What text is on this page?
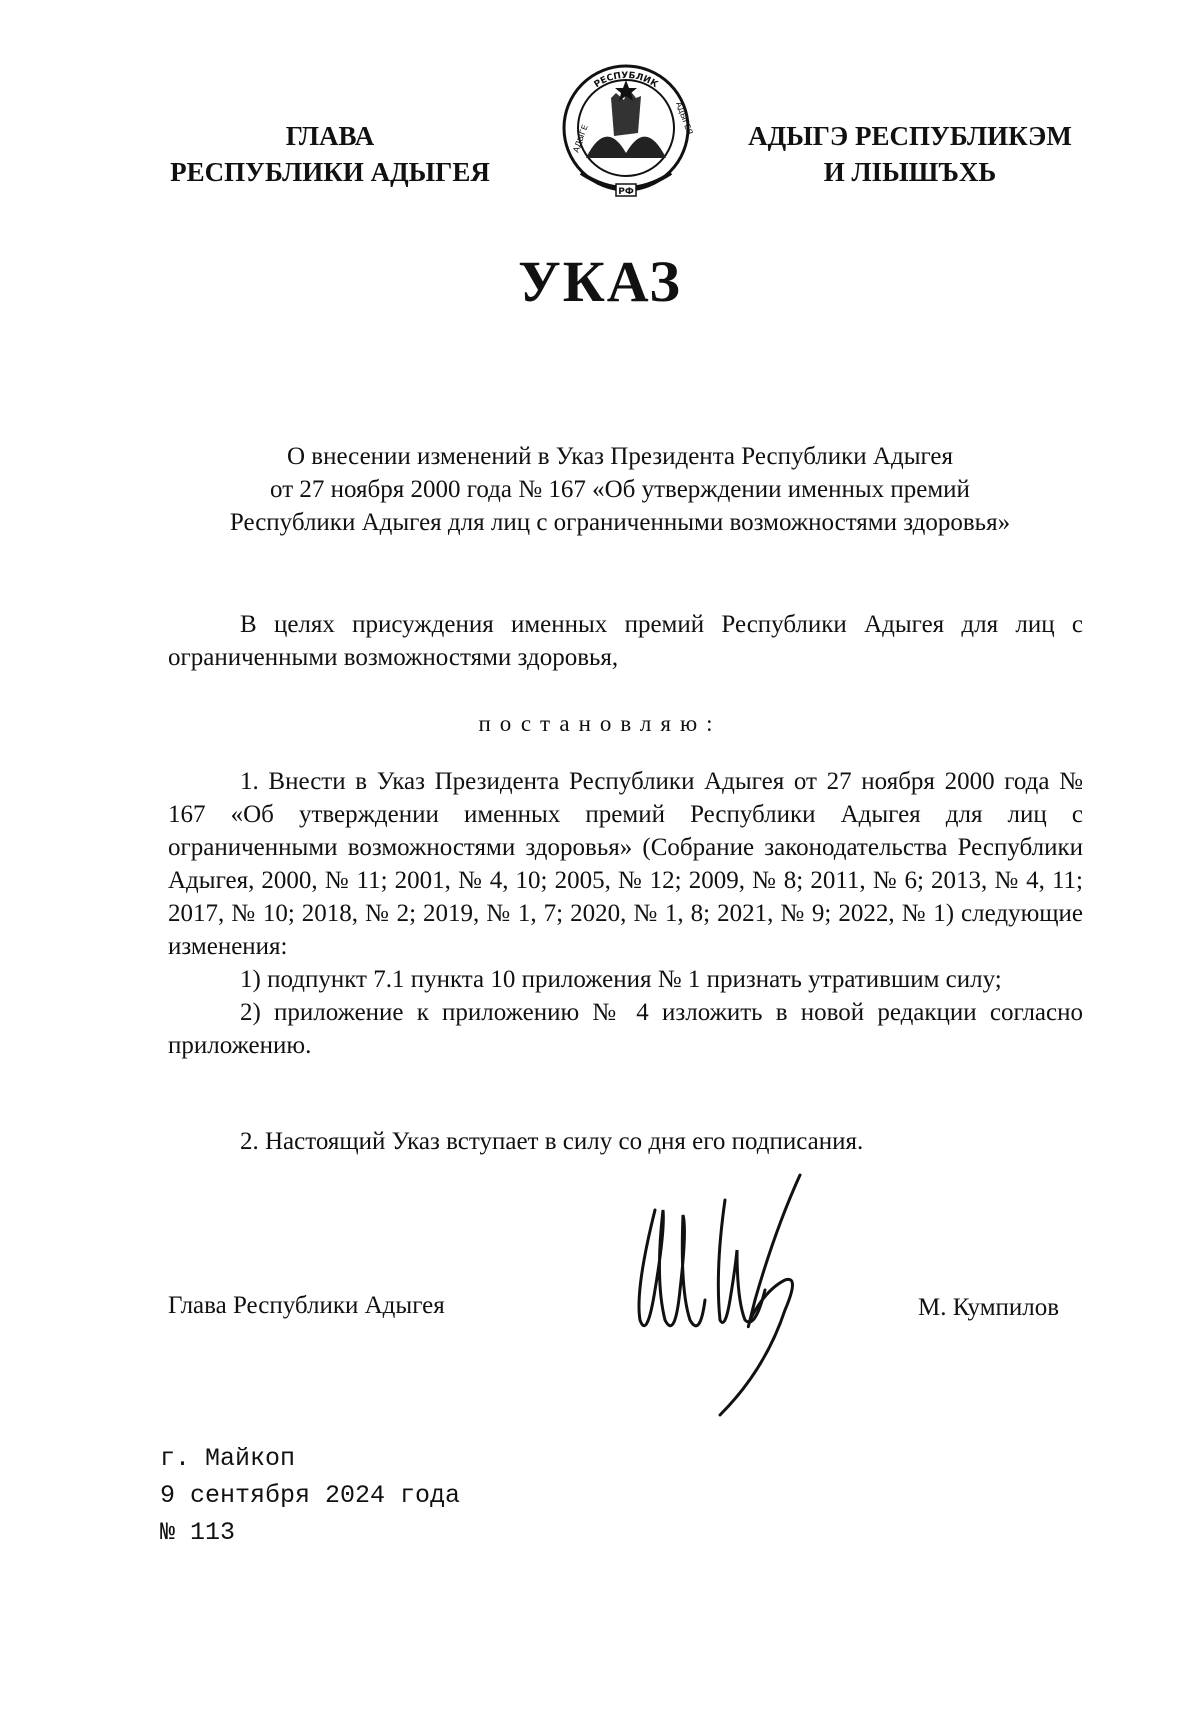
ГЛАВА
РЕСПУБЛИКИ АДЫГЕЯ
РЕСПУБЛИК
АДЫГЕ
АДЫГЕЯ
РФ
АДЫГЭ РЕСПУБЛИКЭМ
И ЛІЫШЪХЬ
УКАЗ
О внесении изменений в Указ Президента Республики Адыгея
от 27 ноября 2000 года № 167 «Об утверждении именных премий
Республики Адыгея для лиц с ограниченными возможностями здоровья»

В целях присуждения именных премий Республики Адыгея для лиц с ограниченными возможностями здоровья,

постановляю:

1. Внести в Указ Президента Республики Адыгея от 27 ноября 2000 года № 167 «Об утверждении именных премий Республики Адыгея для лиц с ограниченными возможностями здоровья» (Собрание законодательства Республики Адыгея, 2000, № 11; 2001, № 4, 10; 2005, № 12; 2009, № 8; 2011, № 6; 2013, № 4, 11; 2017, № 10; 2018, № 2; 2019, № 1, 7; 2020, № 1, 8; 2021, № 9; 2022, № 1) следующие изменения:

1) подпункт 7.1 пункта 10 приложения № 1 признать утратившим силу;

2) приложение к приложению № 4 изложить в новой редакции согласно приложению.

2. Настоящий Указ вступает в силу со дня его подписания.

Глава Республики Адыгея	М. Кумпилов
г. Майкоп
9 сентября 2024 года
№ 113
